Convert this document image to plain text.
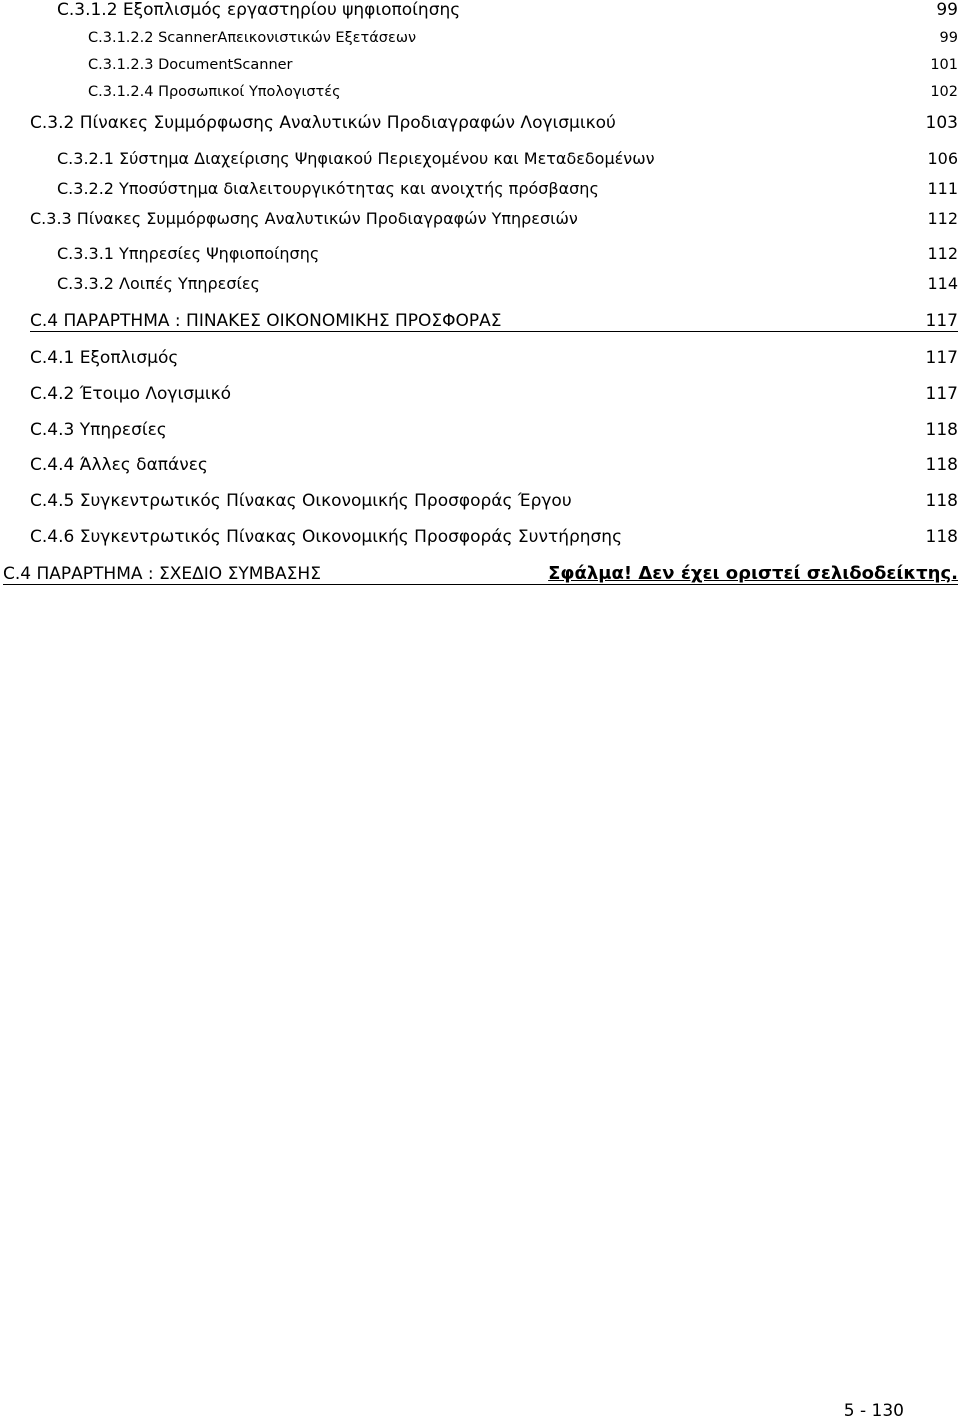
C.3.1.2 Εξοπλισμός εργαστηρίου ψηφιοποίησης	99
C.3.1.2.2 ScannerΑπεικονιστικών Εξετάσεων	99
C.3.1.2.3 DocumentScanner	101
C.3.1.2.4 Προσωπικοί Υπολογιστές	102
C.3.2 Πίνακες Συμμόρφωσης Αναλυτικών Προδιαγραφών Λογισμικού	103
C.3.2.1 Σύστημα Διαχείρισης Ψηφιακού Περιεχομένου και Μεταδεδομένων	106
C.3.2.2 Υποσύστημα διαλειτουργικότητας και ανοιχτής πρόσβασης	111
C.3.3 Πίνακες Συμμόρφωσης Αναλυτικών Προδιαγραφών Υπηρεσιών	112
C.3.3.1 Υπηρεσίες Ψηφιοποίησης	112
C.3.3.2 Λοιπές Υπηρεσίες	114
C.4 ΠΑΡΑΡΤΗΜΑ : ΠΙΝΑΚΕΣ ΟΙΚΟΝΟΜΙΚΗΣ ΠΡΟΣΦΟΡΑΣ	117
C.4.1 Εξοπλισμός	117
C.4.2 Έτοιμο Λογισμικό	117
C.4.3 Υπηρεσίες	118
C.4.4 Άλλες δαπάνες	118
C.4.5 Συγκεντρωτικός Πίνακας Οικονομικής Προσφοράς Έργου	118
C.4.6 Συγκεντρωτικός Πίνακας Οικονομικής Προσφοράς Συντήρησης	118
C.4 ΠΑΡΑΡΤΗΜΑ : ΣΧΕΔΙΟ ΣΥΜΒΑΣΗΣ	Σφάλμα! Δεν έχει οριστεί σελιδοδείκτης.
5 - 130
